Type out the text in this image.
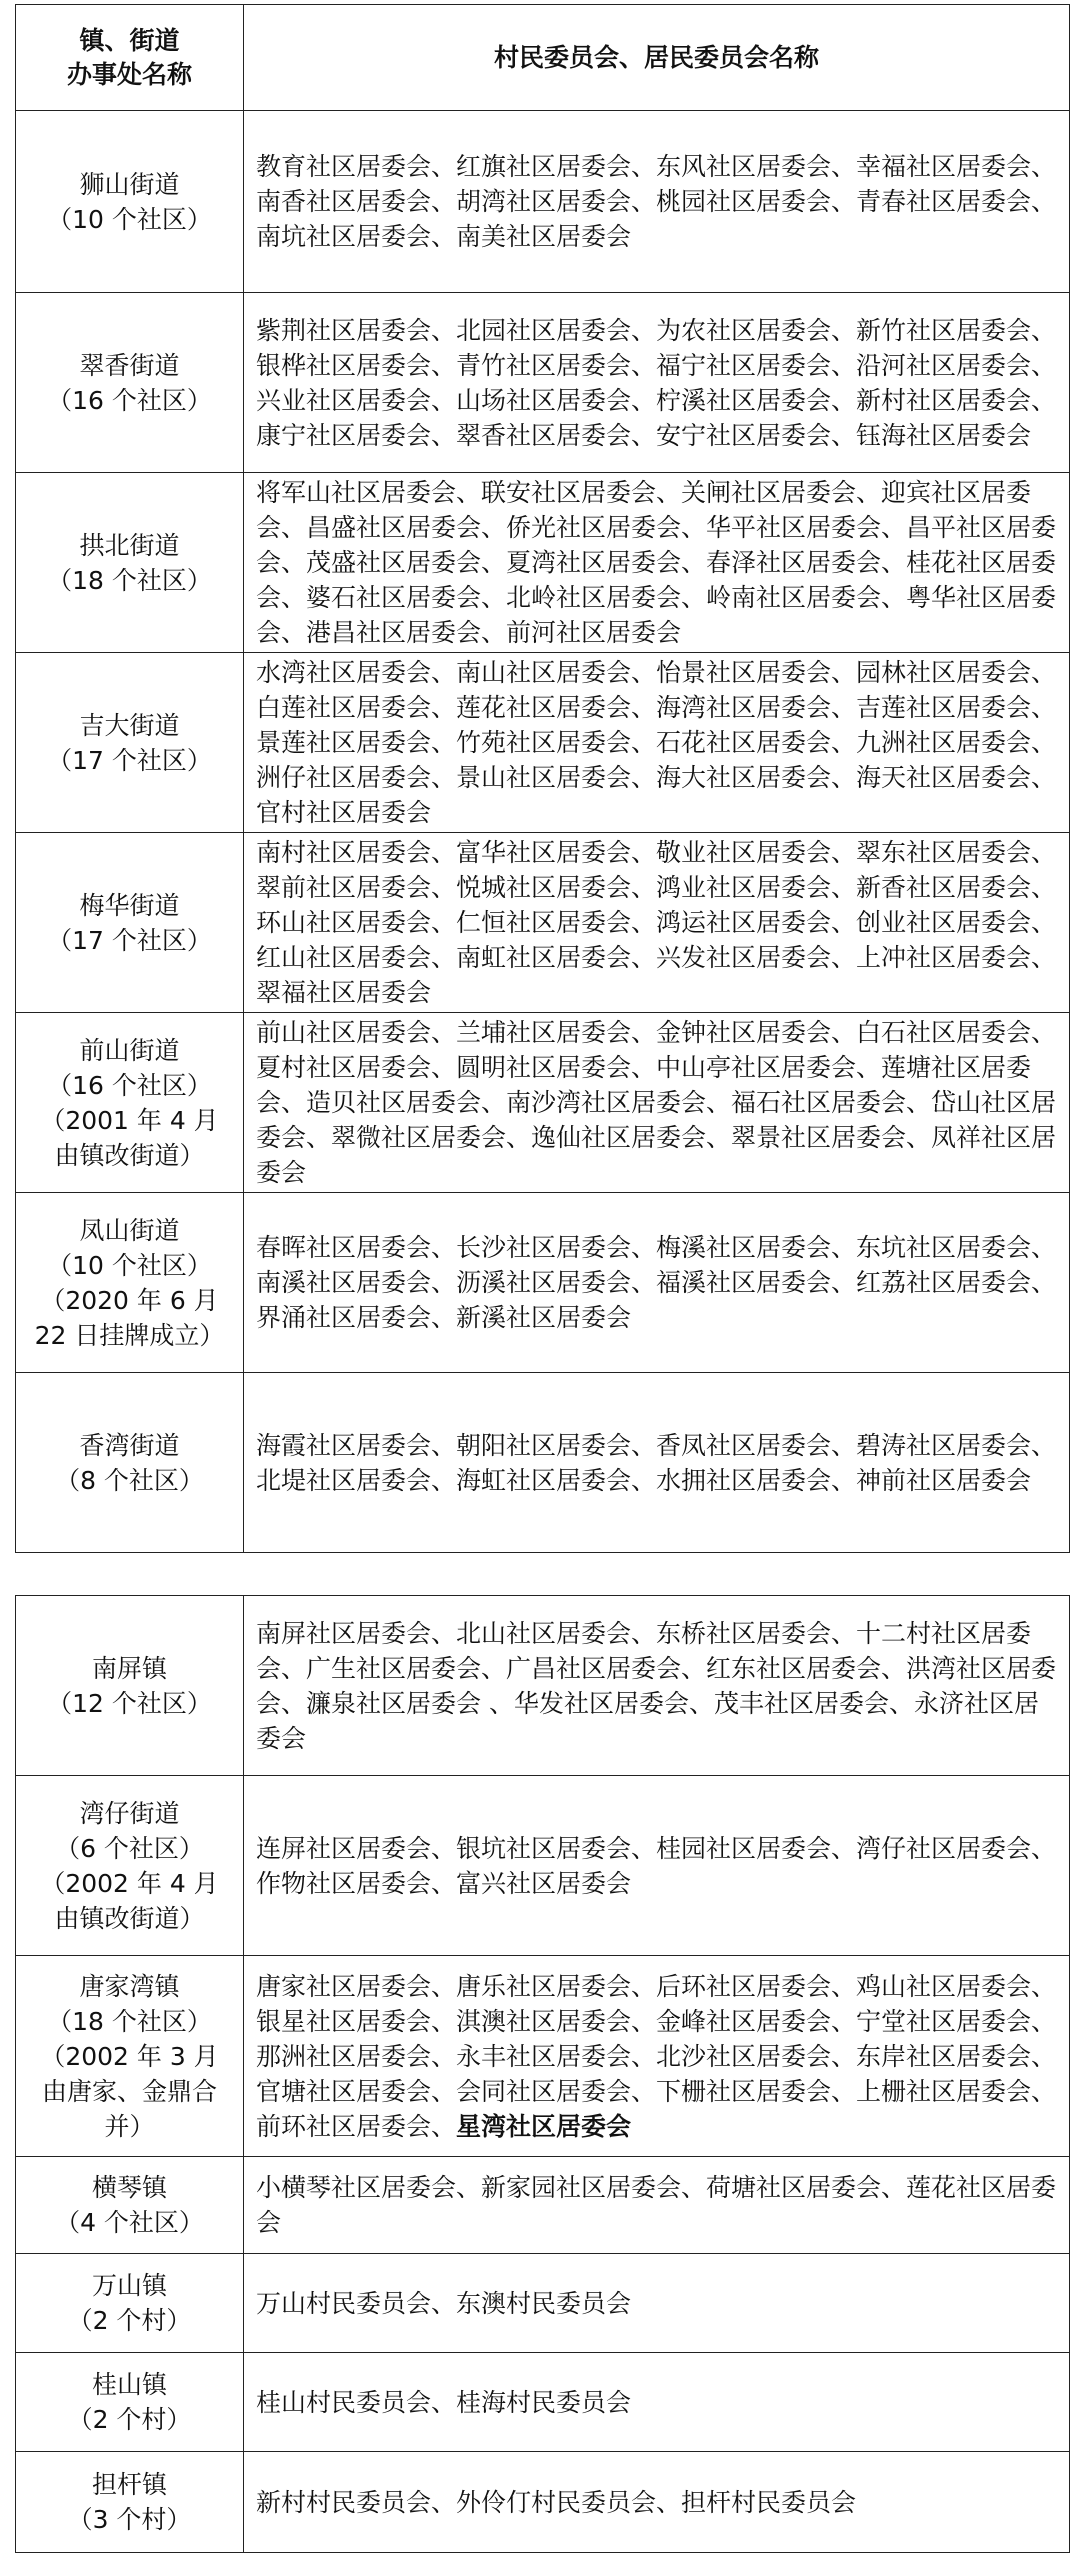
镇、街道
办事处名称	村民委员会、居民委员会名称

狮山街道
（10 个社区）	教育社区居委会、红旗社区居委会、东风社区居委会、幸福社区居委会、南香社区居委会、胡湾社区居委会、桃园社区居委会、青春社区居委会、南坑社区居委会、南美社区居委会

翠香街道
（16 个社区）	紫荆社区居委会、北园社区居委会、为农社区居委会、新竹社区居委会、银桦社区居委会、青竹社区居委会、福宁社区居委会、沿河社区居委会、兴业社区居委会、山场社区居委会、柠溪社区居委会、新村社区居委会、康宁社区居委会、翠香社区居委会、安宁社区居委会、钰海社区居委会

拱北街道
（18 个社区）	将军山社区居委会、联安社区居委会、关闸社区居委会、迎宾社区居委会、昌盛社区居委会、侨光社区居委会、华平社区居委会、昌平社区居委会、茂盛社区居委会、夏湾社区居委会、春泽社区居委会、桂花社区居委会、婆石社区居委会、北岭社区居委会、岭南社区居委会、粤华社区居委会、港昌社区居委会、前河社区居委会

吉大街道
（17 个社区）	水湾社区居委会、南山社区居委会、怡景社区居委会、园林社区居委会、白莲社区居委会、莲花社区居委会、海湾社区居委会、吉莲社区居委会、景莲社区居委会、竹苑社区居委会、石花社区居委会、九洲社区居委会、洲仔社区居委会、景山社区居委会、海大社区居委会、海天社区居委会、官村社区居委会

梅华街道
（17 个社区）	南村社区居委会、富华社区居委会、敬业社区居委会、翠东社区居委会、翠前社区居委会、悦城社区居委会、鸿业社区居委会、新香社区居委会、环山社区居委会、仁恒社区居委会、鸿运社区居委会、创业社区居委会、红山社区居委会、南虹社区居委会、兴发社区居委会、上冲社区居委会、翠福社区居委会

前山街道
（16 个社区）
（2001 年 4 月
由镇改街道）	前山社区居委会、兰埔社区居委会、金钟社区居委会、白石社区居委会、夏村社区居委会、圆明社区居委会、中山亭社区居委会、莲塘社区居委会、造贝社区居委会、南沙湾社区居委会、福石社区居委会、岱山社区居委会、翠微社区居委会、逸仙社区居委会、翠景社区居委会、凤祥社区居委会

凤山街道
（10 个社区）
（2020 年 6 月
22 日挂牌成立）	春晖社区居委会、长沙社区居委会、梅溪社区居委会、东坑社区居委会、南溪社区居委会、沥溪社区居委会、福溪社区居委会、红荔社区居委会、界涌社区居委会、新溪社区居委会

香湾街道
（8 个社区）	海霞社区居委会、朝阳社区居委会、香凤社区居委会、碧涛社区居委会、北堤社区居委会、海虹社区居委会、水拥社区居委会、神前社区居委会
南屏镇
（12 个社区）	南屏社区居委会、北山社区居委会、东桥社区居委会、十二村社区居委会、广生社区居委会、广昌社区居委会、红东社区居委会、洪湾社区居委会、濂泉社区居委会 、华发社区居委会、茂丰社区居委会、永济社区居委会

湾仔街道
（6 个社区）
（2002 年 4 月
由镇改街道）	连屏社区居委会、银坑社区居委会、桂园社区居委会、湾仔社区居委会、作物社区居委会、富兴社区居委会

唐家湾镇
（18 个社区）
（2002 年 3 月
由唐家、金鼎合
并）	唐家社区居委会、唐乐社区居委会、后环社区居委会、鸡山社区居委会、银星社区居委会、淇澳社区居委会、金峰社区居委会、宁堂社区居委会、那洲社区居委会、永丰社区居委会、北沙社区居委会、东岸社区居委会、官塘社区居委会、会同社区居委会、下栅社区居委会、上栅社区居委会、前环社区居委会、星湾社区居委会

横琴镇
（4 个社区）	小横琴社区居委会、新家园社区居委会、荷塘社区居委会、莲花社区居委会

万山镇
（2 个村）	万山村民委员会、东澳村民委员会

桂山镇
（2 个村）	桂山村民委员会、桂海村民委员会

担杆镇
（3 个村）	新村村民委员会、外伶仃村民委员会、担杆村民委员会
